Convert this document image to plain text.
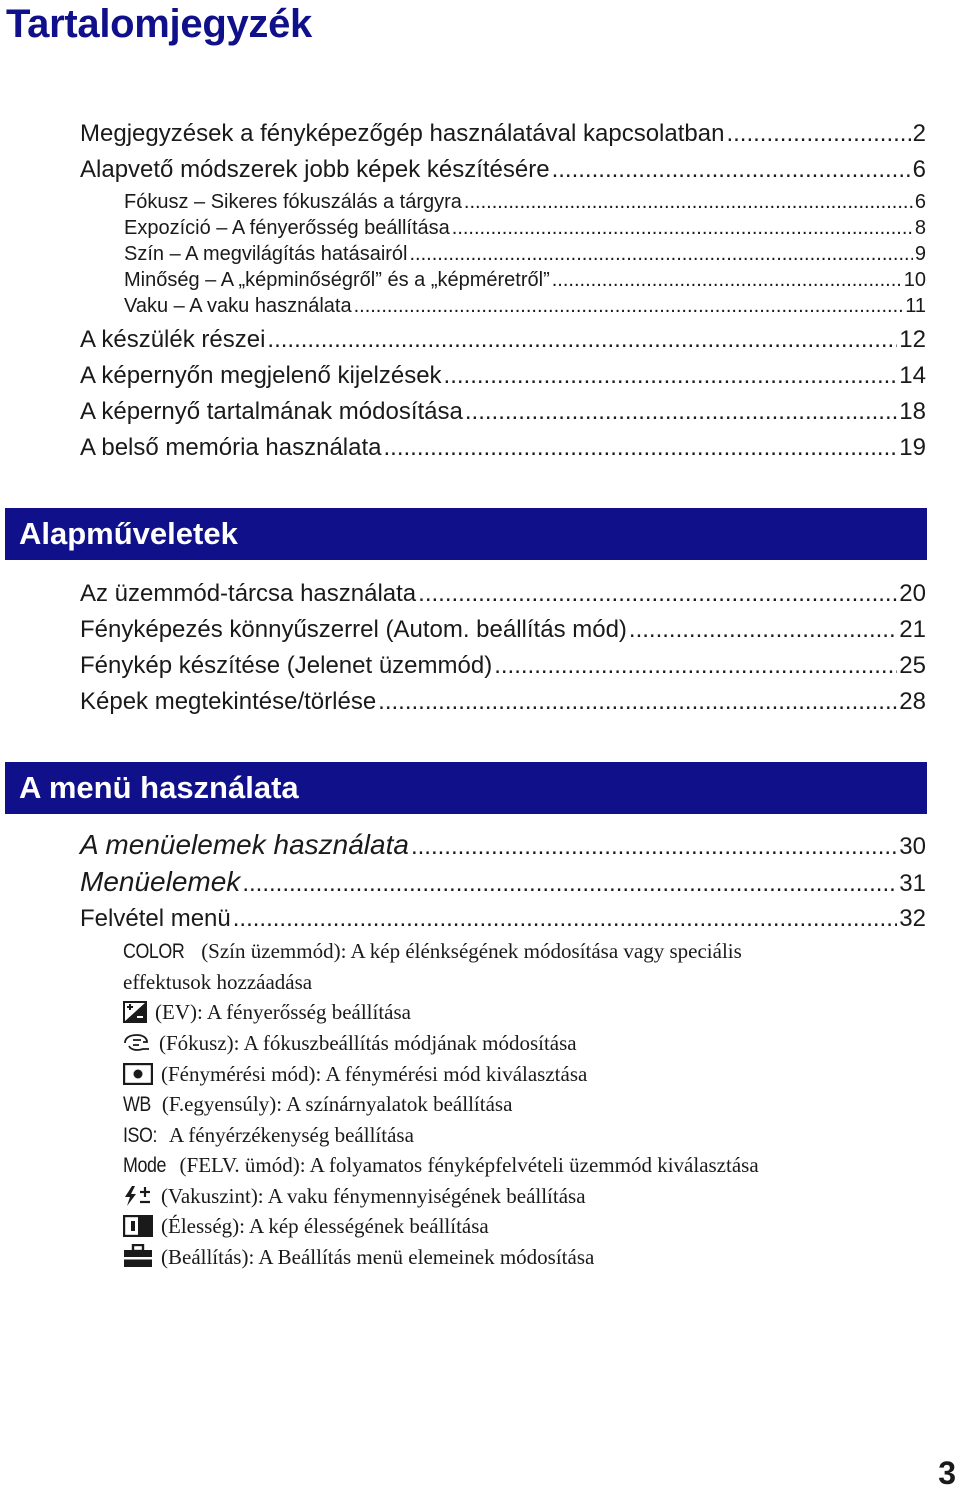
Tartalomjegyzék
Megjegyzések a fényképezőgép használatával kapcsolatban .....	2
Alapvető módszerek jobb képek készítésére .....	6
Fókusz – Sikeres fókuszálás a tárgyra .....	6
Expozíció – A fényerősség beállítása .....	8
Szín – A megvilágítás hatásairól .....	9
Minőség – A „képminőségről” és a „képméretről” .....	10
Vaku – A vaku használata .....	11
A készülék részei .....	12
A képernyőn megjelenő kijelzések .....	14
A képernyő tartalmának módosítása .....	18
A belső memória használata .....	19
Alapműveletek
Az üzemmód-tárcsa használata .....	20
Fényképezés könnyűszerrel (Autom. beállítás mód) .....	21
Fénykép készítése (Jelenet üzemmód) .....	25
Képek megtekintése/törlése .....	28
A menü használata
A menüelemek használata .....	30
Menüelemek .....	31
Felvétel menü .....	32
COLOR (Szín üzemmód): A kép élénkségének módosítása vagy speciális
effektusok hozzáadása
(EV): A fényerősség beállítása
(Fókusz): A fókuszbeállítás módjának módosítása
(Fénymérési mód): A fénymérési mód kiválasztása
WB (F.egyensúly): A színárnyalatok beállítása
ISO: A fényérzékenység beállítása
Mode (FELV. ümód): A folyamatos fényképfelvételi üzemmód kiválasztása
(Vakuszint): A vaku fénymennyiségének beállítása
(Élesség): A kép élességének beállítása
(Beállítás): A Beállítás menü elemeinek módosítása
3
